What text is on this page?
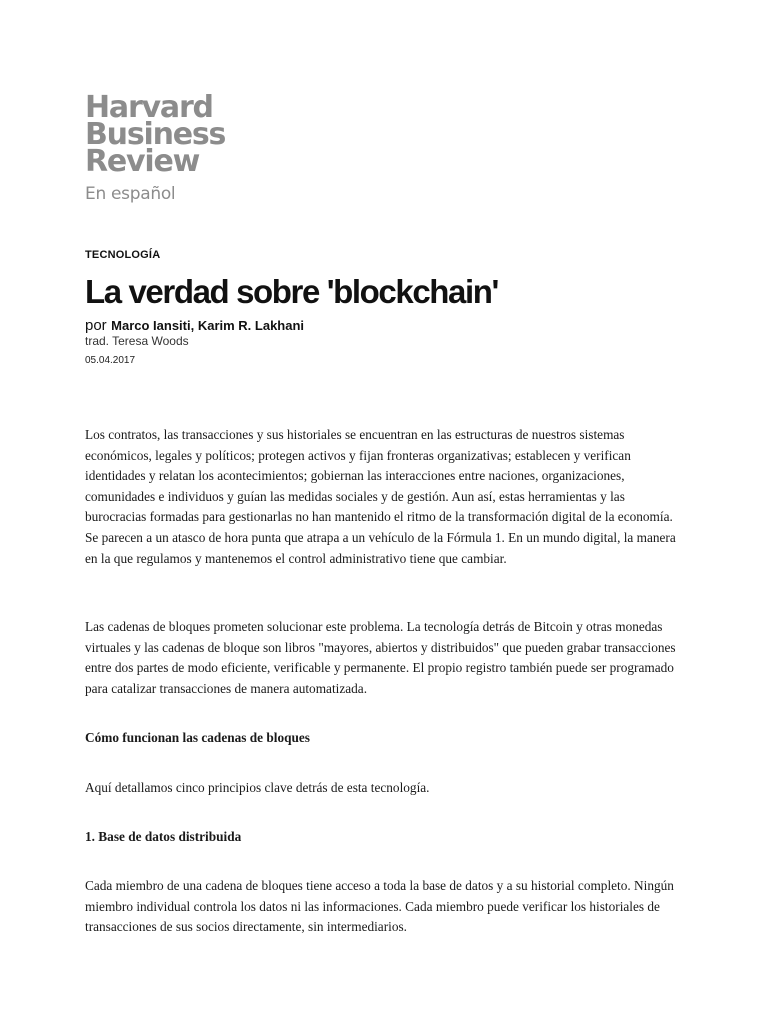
Harvard
Business
Review
En español
TECNOLOGÍA
La verdad sobre 'blockchain'
por Marco Iansiti, Karim R. Lakhani
trad. Teresa Woods
05.04.2017

Los contratos, las transacciones y sus historiales se encuentran en las estructuras de nuestros sistemas económicos, legales y políticos; protegen activos y fijan fronteras organizativas; establecen y verifican identidades y relatan los acontecimientos; gobiernan las interacciones entre naciones, organizaciones, comunidades e individuos y guían las medidas sociales y de gestión. Aun así, estas herramientas y las burocracias formadas para gestionarlas no han mantenido el ritmo de la transformación digital de la economía. Se parecen a un atasco de hora punta que atrapa a un vehículo de la Fórmula 1. En un mundo digital, la manera en la que regulamos y mantenemos el control administrativo tiene que cambiar.

Las cadenas de bloques prometen solucionar este problema. La tecnología detrás de Bitcoin y otras monedas virtuales y las cadenas de bloque son libros "mayores, abiertos y distribuidos" que pueden grabar transacciones entre dos partes de modo eficiente, verificable y permanente. El propio registro también puede ser programado para catalizar transacciones de manera automatizada.

Cómo funcionan las cadenas de bloques

Aquí detallamos cinco principios clave detrás de esta tecnología.

1. Base de datos distribuida

Cada miembro de una cadena de bloques tiene acceso a toda la base de datos y a su historial completo. Ningún miembro individual controla los datos ni las informaciones. Cada miembro puede verificar los historiales de transacciones de sus socios directamente, sin intermediarios.
